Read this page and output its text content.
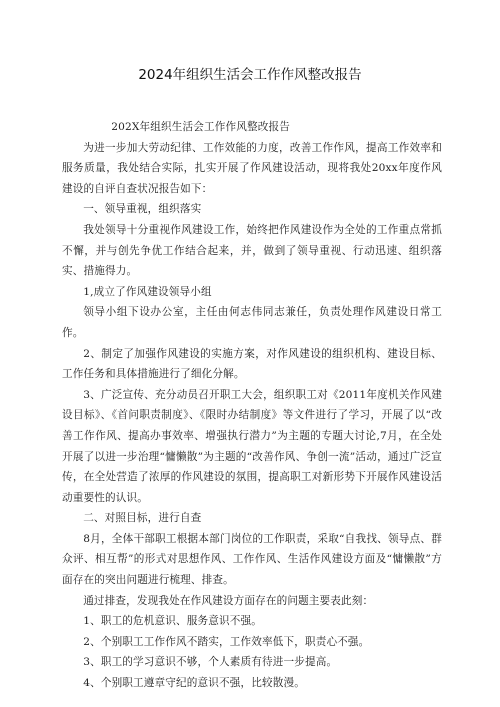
2024年组织生活会工作作风整改报告

202X年组织生活会工作作风整改报告

为进一步加大劳动纪律、工作效能的力度，改善工作作风，提高工作效率和服务质量，我处结合实际，扎实开展了作风建设活动，现将我处20xx年度作风建设的自评自查状况报告如下：

一、领导重视，组织落实

我处领导十分重视作风建设工作，始终把作风建设作为全处的工作重点常抓不懈，并与创先争优工作结合起来，并，做到了领导重视、行动迅速、组织落实、措施得力。

1,成立了作风建设领导小组

领导小组下设办公室，主任由何志伟同志兼任，负责处理作风建设日常工作。

2、制定了加强作风建设的实施方案，对作风建设的组织机构、建设目标、工作任务和具体措施进行了细化分解。

3、广泛宣传、充分动员召开职工大会，组织职工对《2011年度机关作风建设目标》、《首问职责制度》、《限时办结制度》等文件进行了学习，开展了以“改善工作作风、提高办事效率、增强执行潜力”为主题的专题大讨论,7月，在全处开展了以进一步治理“慵懒散”为主题的“改善作风、争创一流”活动，通过广泛宣传，在全处营造了浓厚的作风建设的氛围，提高职工对新形势下开展作风建设活动重要性的认识。

二、对照目标，进行自查

8月，全体干部职工根据本部门岗位的工作职责，采取“自我找、领导点、群众评、相互帮”的形式对思想作风、工作作风、生活作风建设方面及“慵懒散”方面存在的突出问题进行梳理、排查。

通过排查，发现我处在作风建设方面存在的问题主要表此刻：

1、职工的危机意识、服务意识不强。

2、个别职工工作作风不踏实，工作效率低下，职责心不强。

3、职工的学习意识不够，个人素质有待进一步提高。

4、个别职工遵章守纪的意识不强，比较散漫。
